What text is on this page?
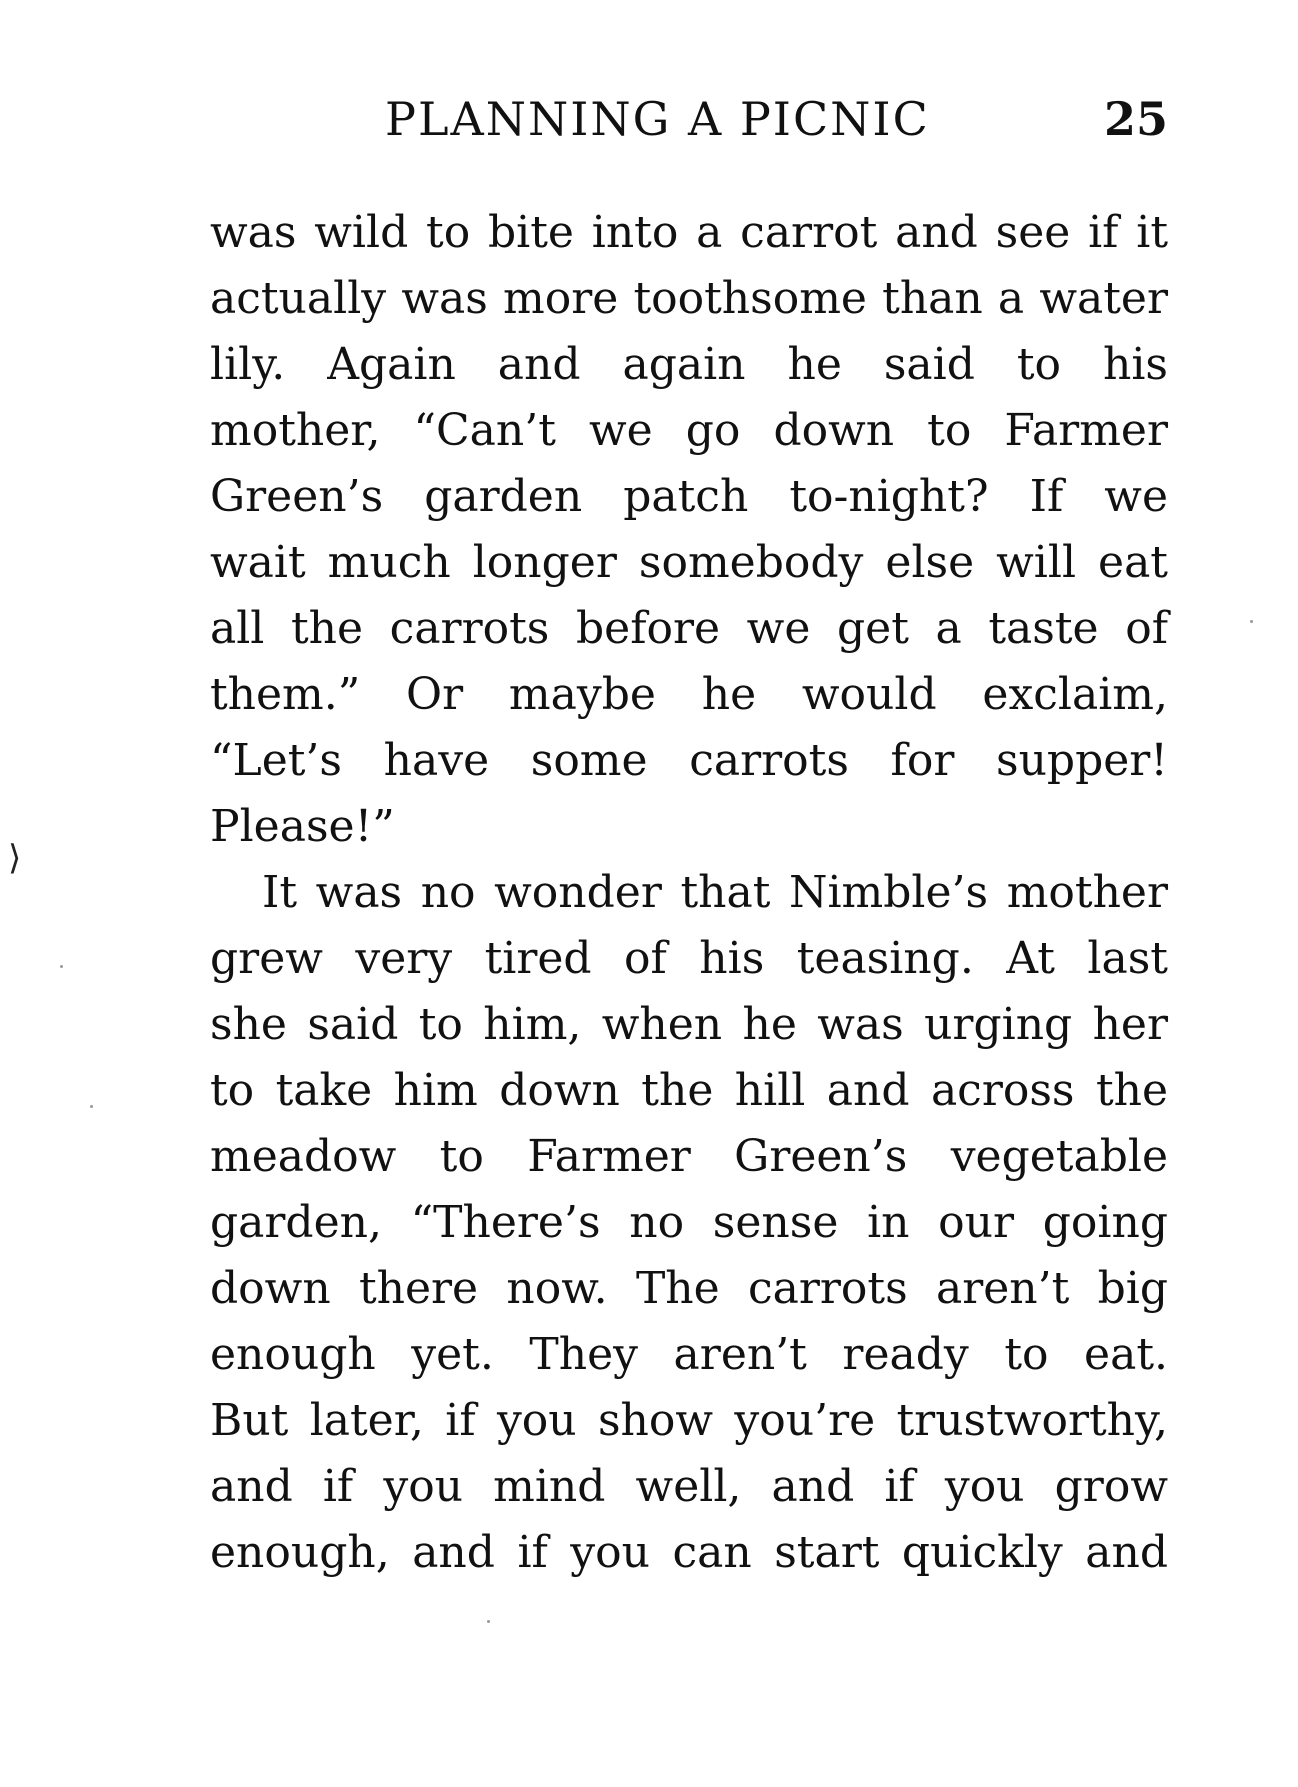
PLANNING A PICNIC	25
was wild to bite into a carrot and see if it
actually was more toothsome than a water
lily. Again and again he said to his
mother, “Can’t we go down to Farmer
Green’s garden patch to-night? If we
wait much longer somebody else will eat
all the carrots before we get a taste of
them.” Or maybe he would exclaim,
“Let’s have some carrots for supper!
Please!”
It was no wonder that Nimble’s mother
grew very tired of his teasing. At last
she said to him, when he was urging her
to take him down the hill and across the
meadow to Farmer Green’s vegetable
garden, “There’s no sense in our going
down there now. The carrots aren’t big
enough yet. They aren’t ready to eat.
But later, if you show you’re trustworthy,
and if you mind well, and if you grow
enough, and if you can start quickly and
⟩
